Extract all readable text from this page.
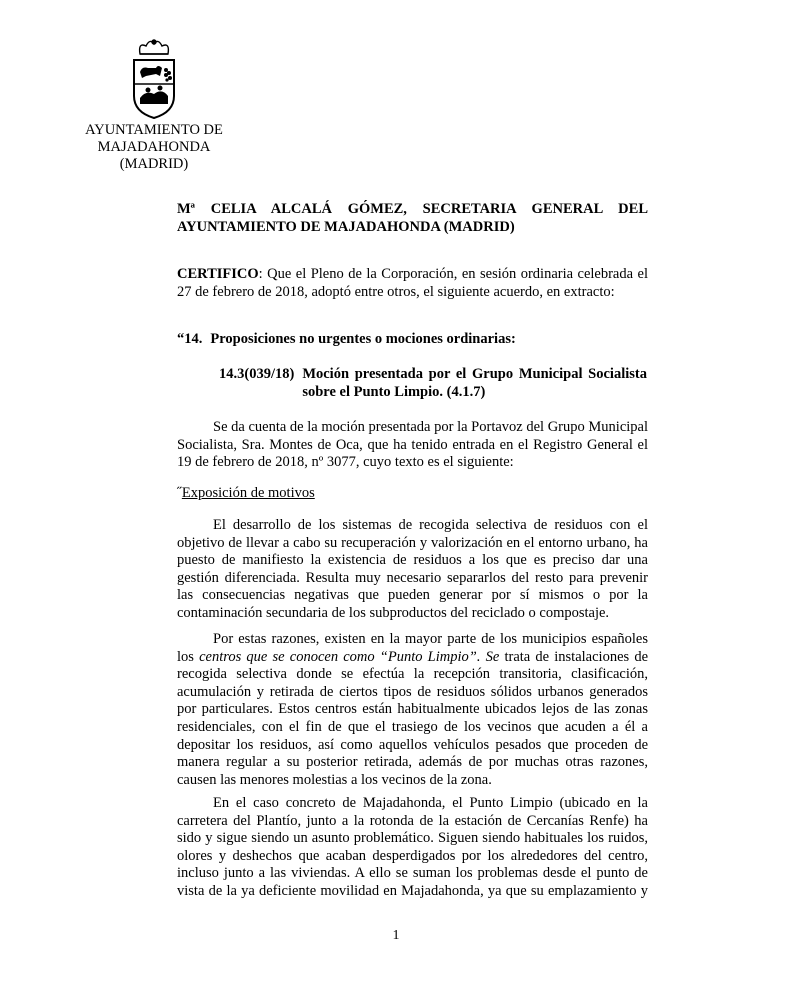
AYUNTAMIENTO DE
MAJADAHONDA
(MADRID)
Mª CELIA ALCALÁ GÓMEZ, SECRETARIA GENERAL DEL AYUNTAMIENTO DE MAJADAHONDA (MADRID)

CERTIFICO: Que el Pleno de la Corporación, en sesión ordinaria celebrada el 27 de febrero de 2018, adoptó entre otros, el siguiente acuerdo, en extracto:

“14. Proposiciones no urgentes o mociones ordinarias:
14.3(039/18) Moción presentada por el Grupo Municipal Socialista sobre el Punto Limpio. (4.1.7)

Se da cuenta de la moción presentada por la Portavoz del Grupo Municipal Socialista, Sra. Montes de Oca, que ha tenido entrada en el Registro General el 19 de febrero de 2018, nº 3077, cuyo texto es el siguiente:

˝Exposición de motivos

El desarrollo de los sistemas de recogida selectiva de residuos con el objetivo de llevar a cabo su recuperación y valorización en el entorno urbano, ha puesto de manifiesto la existencia de residuos a los que es preciso dar una gestión diferenciada. Resulta muy necesario separarlos del resto para prevenir las consecuencias negativas que pueden generar por sí mismos o por la contaminación secundaria de los subproductos del reciclado o compostaje.

Por estas razones, existen en la mayor parte de los municipios españoles los centros que se conocen como “Punto Limpio”. Se trata de instalaciones de recogida selectiva donde se efectúa la recepción transitoria, clasificación, acumulación y retirada de ciertos tipos de residuos sólidos urbanos generados por particulares. Estos centros están habitualmente ubicados lejos de las zonas residenciales, con el fin de que el trasiego de los vecinos que acuden a él a depositar los residuos, así como aquellos vehículos pesados que proceden de manera regular a su posterior retirada, además de por muchas otras razones, causen las menores molestias a los vecinos de la zona.

En el caso concreto de Majadahonda, el Punto Limpio (ubicado en la carretera del Plantío, junto a la rotonda de la estación de Cercanías Renfe) ha sido y sigue siendo un asunto problemático. Siguen siendo habituales los ruidos, olores y deshechos que acaban desperdigados por los alrededores del centro, incluso junto a las viviendas. A ello se suman los problemas desde el punto de vista de la ya deficiente movilidad en Majadahonda, ya que su emplazamiento y

1
